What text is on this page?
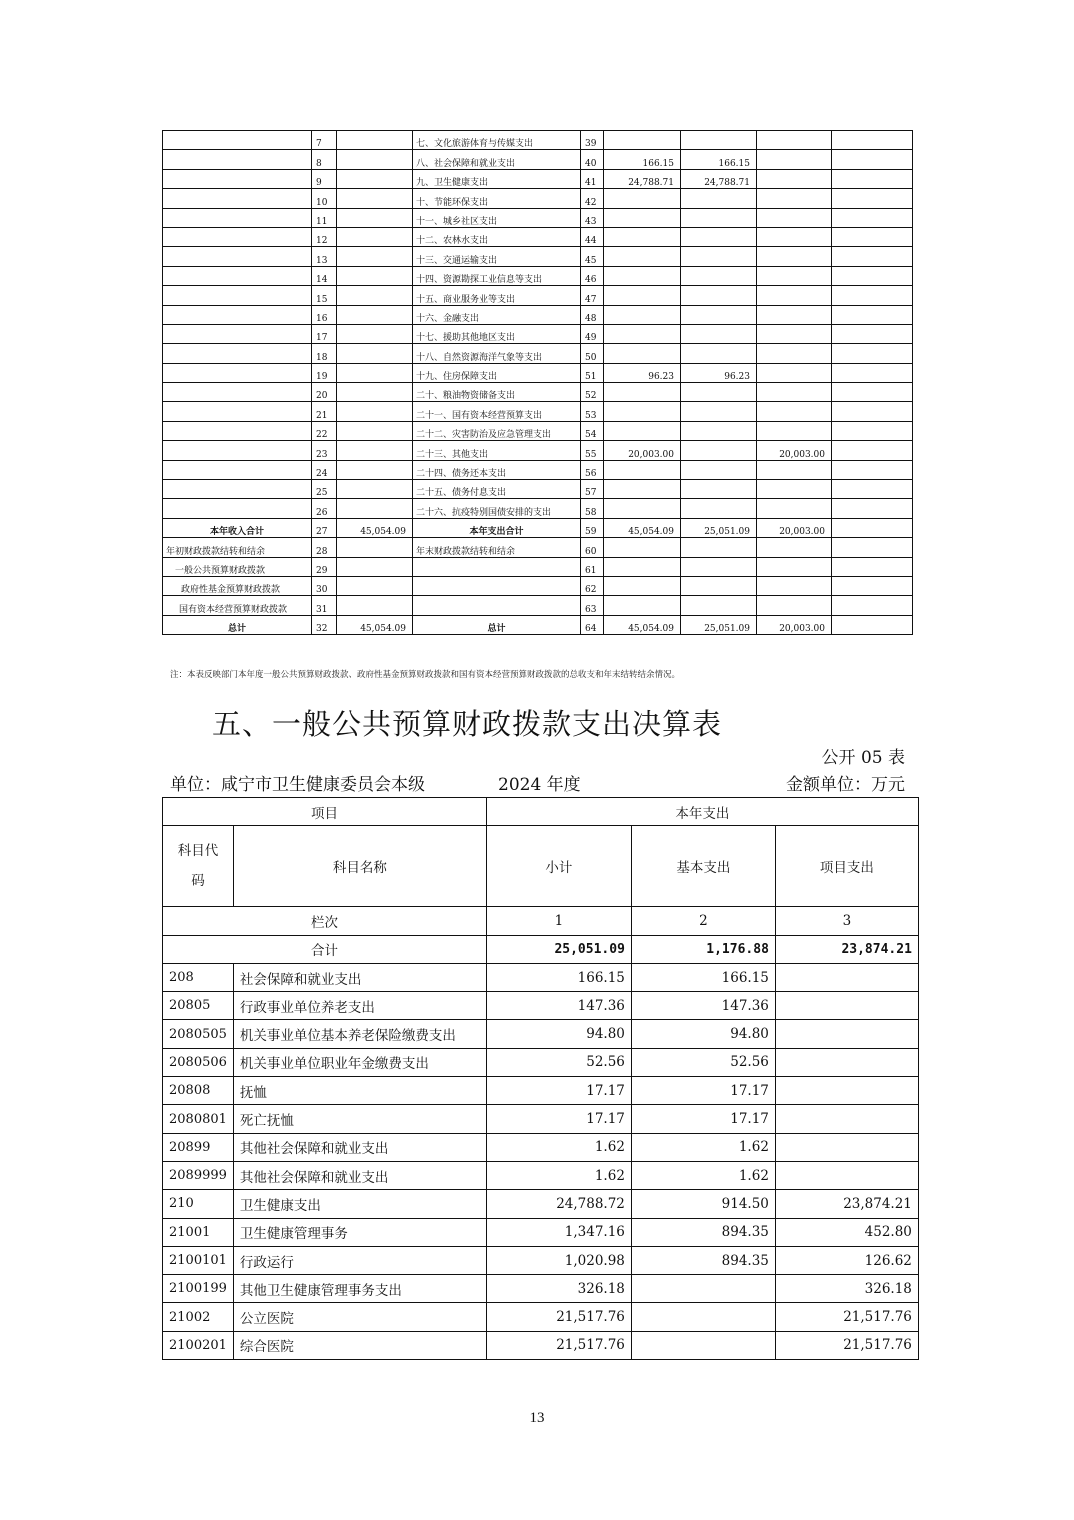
	7		七、文化旅游体育与传媒支出	39				
	8		八、社会保障和就业支出	40	166.15	166.15		
	9		九、卫生健康支出	41	24,788.71	24,788.71		
	10		十、节能环保支出	42				
	11		十一、城乡社区支出	43				
	12		十二、农林水支出	44				
	13		十三、交通运输支出	45				
	14		十四、资源勘探工业信息等支出	46				
	15		十五、商业服务业等支出	47				
	16		十六、金融支出	48				
	17		十七、援助其他地区支出	49				
	18		十八、自然资源海洋气象等支出	50				
	19		十九、住房保障支出	51	96.23	96.23		
	20		二十、粮油物资储备支出	52				
	21		二十一、国有资本经营预算支出	53				
	22		二十二、灾害防治及应急管理支出	54				
	23		二十三、其他支出	55	20,003.00		20,003.00	
	24		二十四、债务还本支出	56				
	25		二十五、债务付息支出	57				
	26		二十六、抗疫特别国债安排的支出	58				
本年收入合计	27	45,054.09	本年支出合计	59	45,054.09	25,051.09	20,003.00	
年初财政拨款结转和结余	28		年末财政拨款结转和结余	60				
一般公共预算财政拨款	29			61				
政府性基金预算财政拨款	30			62				
国有资本经营预算财政拨款	31			63				
总计	32	45,054.09	总计	64	45,054.09	25,051.09	20,003.00	
注：本表反映部门本年度一般公共预算财政拨款、政府性基金预算财政拨款和国有资本经营预算财政拨款的总收支和年末结转结余情况。
五、一般公共预算财政拨款支出决算表
公开 05 表
单位：咸宁市卫生健康委员会本级	2024 年度	金额单位：万元
项目		本年支出		
科目代码	科目名称	小计	基本支出	项目支出
栏次		1	2	3
合计		25,051.09	1,176.88	23,874.21
208	社会保障和就业支出	166.15	166.15	
20805	行政事业单位养老支出	147.36	147.36	
2080505	机关事业单位基本养老保险缴费支出	94.80	94.80	
2080506	机关事业单位职业年金缴费支出	52.56	52.56	
20808	抚恤	17.17	17.17	
2080801	死亡抚恤	17.17	17.17	
20899	其他社会保障和就业支出	1.62	1.62	
2089999	其他社会保障和就业支出	1.62	1.62	
210	卫生健康支出	24,788.72	914.50	23,874.21
21001	卫生健康管理事务	1,347.16	894.35	452.80
2100101	行政运行	1,020.98	894.35	126.62
2100199	其他卫生健康管理事务支出	326.18		326.18
21002	公立医院	21,517.76		21,517.76
2100201	综合医院	21,517.76		21,517.76
13
